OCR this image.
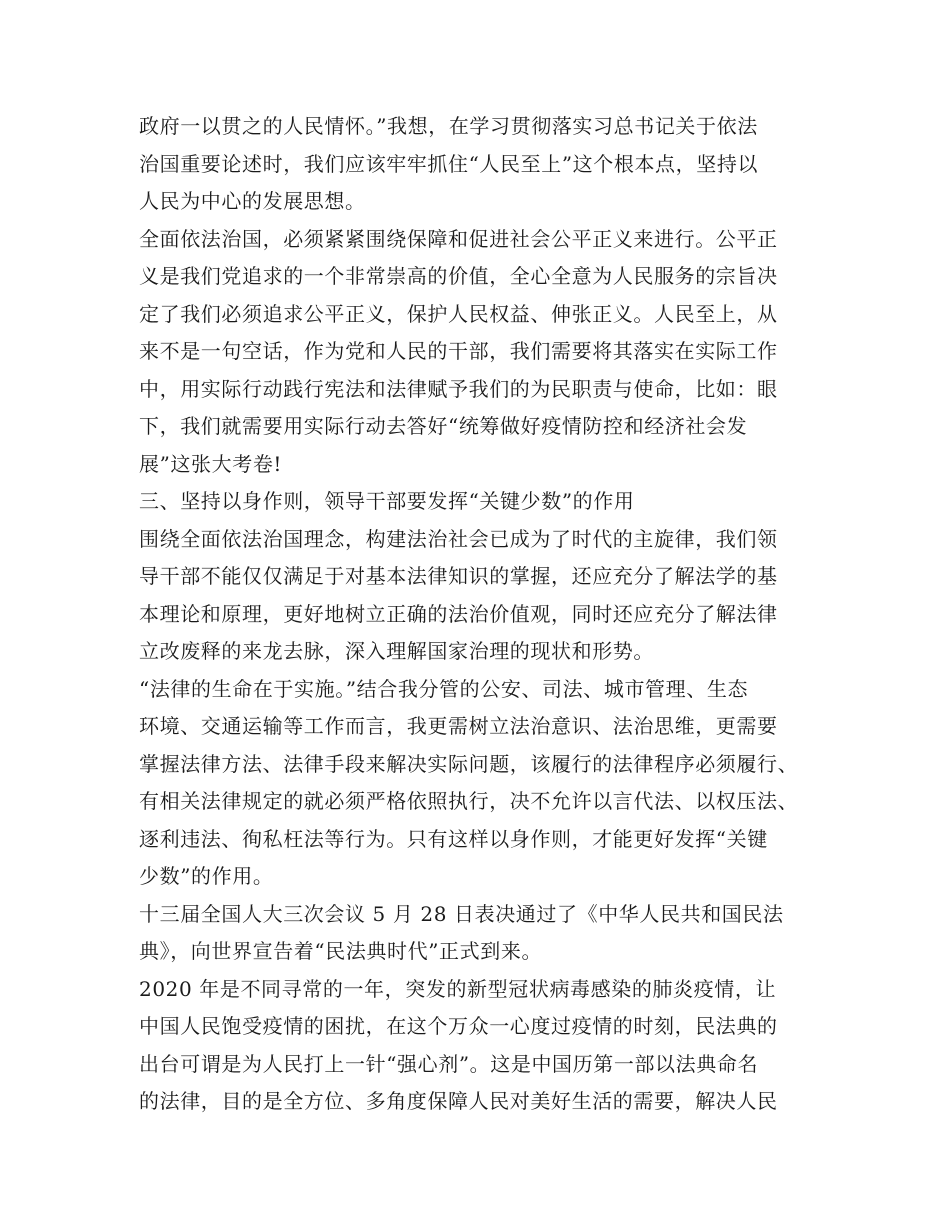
政府一以贯之的人民情怀。”我想，在学习贯彻落实习总书记关于依法
治国重要论述时，我们应该牢牢抓住“人民至上”这个根本点，坚持以
人民为中心的发展思想。
全面依法治国，必须紧紧围绕保障和促进社会公平正义来进行。公平正
义是我们党追求的一个非常崇高的价值，全心全意为人民服务的宗旨决
定了我们必须追求公平正义，保护人民权益、伸张正义。人民至上，从
来不是一句空话，作为党和人民的干部，我们需要将其落实在实际工作
中，用实际行动践行宪法和法律赋予我们的为民职责与使命，比如：眼
下，我们就需要用实际行动去答好“统筹做好疫情防控和经济社会发
展”这张大考卷!
三、坚持以身作则，领导干部要发挥“关键少数”的作用
围绕全面依法治国理念，构建法治社会已成为了时代的主旋律，我们领
导干部不能仅仅满足于对基本法律知识的掌握，还应充分了解法学的基
本理论和原理，更好地树立正确的法治价值观，同时还应充分了解法律
立改废释的来龙去脉，深入理解国家治理的现状和形势。
“法律的生命在于实施。”结合我分管的公安、司法、城市管理、生态
环境、交通运输等工作而言，我更需树立法治意识、法治思维，更需要
掌握法律方法、法律手段来解决实际问题，该履行的法律程序必须履行、
有相关法律规定的就必须严格依照执行，决不允许以言代法、以权压法、
逐利违法、徇私枉法等行为。只有这样以身作则，才能更好发挥“关键
少数”的作用。
十三届全国人大三次会议 5 月 28 日表决通过了《中华人民共和国民法
典》，向世界宣告着“民法典时代”正式到来。
2020 年是不同寻常的一年，突发的新型冠状病毒感染的肺炎疫情，让
中国人民饱受疫情的困扰，在这个万众一心度过疫情的时刻，民法典的
出台可谓是为人民打上一针“强心剂”。这是中国历第一部以法典命名
的法律，目的是全方位、多角度保障人民对美好生活的需要，解决人民
